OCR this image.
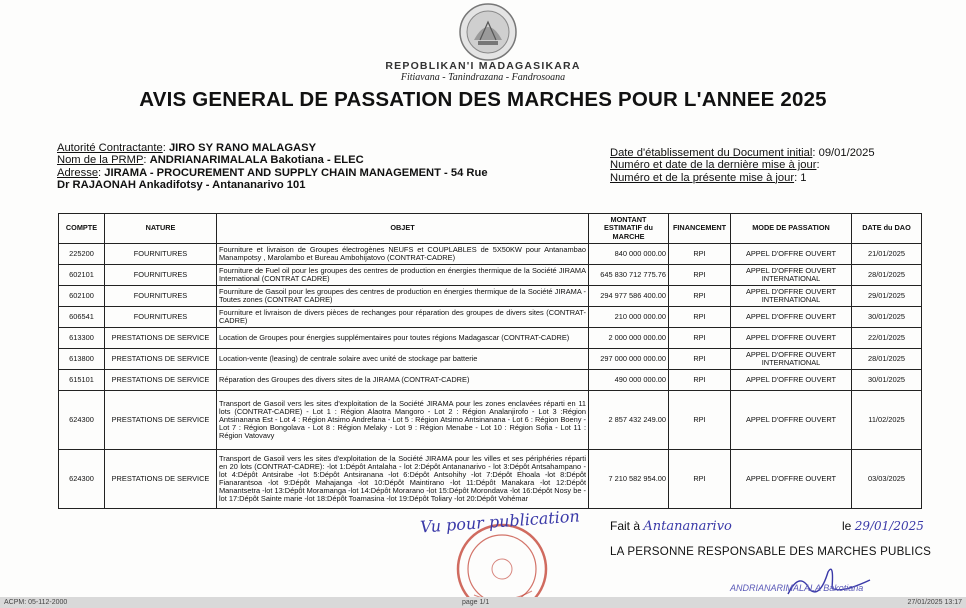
REPOBLIKAN'I MADAGASIKARA
Fitiavana - Tanindrazana - Fandrosoana
AVIS GENERAL DE PASSATION DES MARCHES POUR L'ANNEE 2025
Autorité Contractante: JIRO SY RANO MALAGASY
Nom de la PRMP: ANDRIANARIMALALA Bakotiana - ELEC
Adresse: JIRAMA - PROCUREMENT AND SUPPLY CHAIN MANAGEMENT - 54 Rue
Dr RAJAONAH Ankadifotsy - Antananarivo 101
Date d'établissement du Document initial: 09/01/2025
Numéro et date de la dernière mise à jour:
Numéro et de la présente mise à jour: 1
COMPTE	NATURE	OBJET	MONTANT ESTIMATIF du MARCHE	FINANCEMENT	MODE DE PASSATION	DATE du DAO
225200	FOURNITURES	Fourniture et livraison de Groupes électrogènes NEUFS et COUPLABLES de 5X50KW pour Antanambao Manampotsy , Marolambo et Bureau Ambohijatovo (CONTRAT-CADRE)	840 000 000.00	RPI	APPEL D'OFFRE OUVERT	21/01/2025
602101	FOURNITURES	Fourniture de Fuel oil pour les groupes des centres de production en énergies thermique de la Société JIRAMA International (CONTRAT CADRE)	645 830 712 775.76	RPI	APPEL D'OFFRE OUVERT INTERNATIONAL	28/01/2025
602100	FOURNITURES	Fourniture de Gasoil pour les groupes des centres de production en énergies thermique de la Société JIRAMA - Toutes zones (CONTRAT CADRE)	294 977 586 400.00	RPI	APPEL D'OFFRE OUVERT INTERNATIONAL	29/01/2025
606541	FOURNITURES	Fourniture et livraison de divers pièces de rechanges pour réparation des groupes de divers sites (CONTRAT-CADRE)	210 000 000.00	RPI	APPEL D'OFFRE OUVERT	30/01/2025
613300	PRESTATIONS DE SERVICE	Location de Groupes pour énergies supplémentaires pour toutes régions Madagascar (CONTRAT-CADRE)	2 000 000 000.00	RPI	APPEL D'OFFRE OUVERT	22/01/2025
613800	PRESTATIONS DE SERVICE	Location-vente (leasing) de centrale solaire avec unité de stockage par batterie	297 000 000 000.00	RPI	APPEL D'OFFRE OUVERT INTERNATIONAL	28/01/2025
615101	PRESTATIONS DE SERVICE	Réparation des Groupes des divers sites de la JIRAMA (CONTRAT-CADRE)	490 000 000.00	RPI	APPEL D'OFFRE OUVERT	30/01/2025
624300	PRESTATIONS DE SERVICE	Transport de Gasoil vers les sites d'exploitation de la Société JIRAMA pour les zones enclavées réparti en 11 lots (CONTRAT-CADRE) - Lot 1 : Région Alaotra Mangoro - Lot 2 : Région Analanjirofo - Lot 3 :Région Antsinanana Est - Lot 4 : Région Atsimo Andrefana - Lot 5 : Région Atsimo Antsinanana - Lot 6 : Région Boeny - Lot 7 : Région Bongolava - Lot 8 : Région Melaky - Lot 9 : Région Menabe - Lot 10 : Région Sofia - Lot 11 : Région Vatovavy	2 857 432 249.00	RPI	APPEL D'OFFRE OUVERT	11/02/2025
624300	PRESTATIONS DE SERVICE	Transport de Gasoil vers les sites d'exploitation de la Société JIRAMA pour les villes et ses périphéries réparti en 20 lots (CONTRAT-CADRE): -lot 1:Dépôt Antalaha - lot 2:Dépôt Antananarivo - lot 3:Dépôt Antsahampano -lot 4:Dépôt Antsirabe -lot 5:Dépôt Antsiranana -lot 6:Dépôt Antsohihy -lot 7:Dépôt Ehoala -lot 8:Dépôt Fianarantsoa -lot 9:Dépôt Mahajanga -lot 10:Dépôt Maintirano -lot 11:Dépôt Manakara -lot 12:Dépôt Manantsetra -lot 13:Dépôt Moramanga -lot 14:Dépôt Morarano -lot 15:Dépôt Morondava -lot 16:Dépôt Nosy be -lot 17:Dépôt Sainte marie -lot 18:Dépôt Toamasina -lot 19:Dépôt Toliary -lot 20:Dépôt Vohémar	7 210 582 954.00	RPI	APPEL D'OFFRE OUVERT	03/03/2025
Vu pour publication Fait à Antananarivo	le 29/01/2025
LA PERSONNE RESPONSABLE DES MARCHES PUBLICS
ANDRIANARIMALALA Bakotiana
ACPM: 05-112-2000	page 1/1	27/01/2025 13:17
